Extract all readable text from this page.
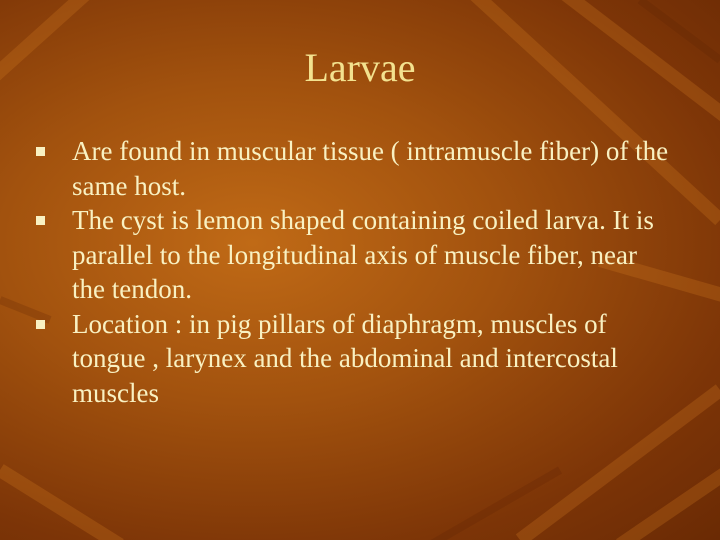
Larvae
Are found in muscular tissue ( intramuscle fiber) of the same host.
The cyst is lemon shaped containing coiled larva. It is parallel to the longitudinal axis of muscle fiber, near the tendon.
Location : in pig pillars of diaphragm, muscles of tongue , larynex and the abdominal and intercostal muscles
